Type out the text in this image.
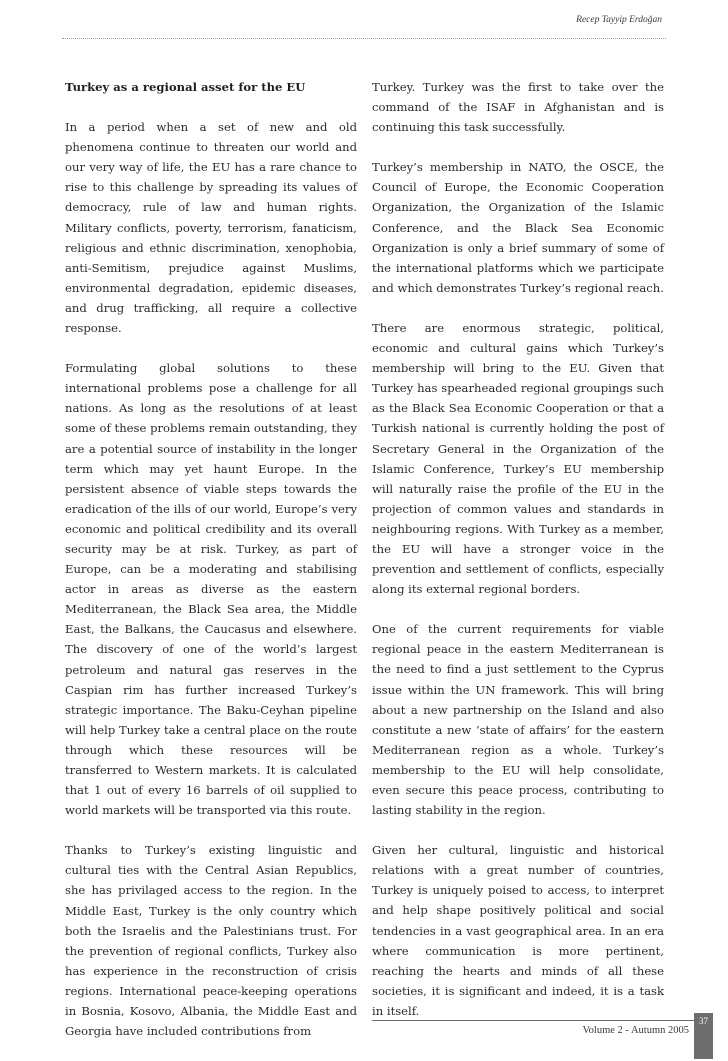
Recep Tayyip Erdoğan
Turkey as a regional asset for the EU

In a period when a set of new and old phenomena continue to threaten our world and our very way of life, the EU has a rare chance to rise to this challenge by spreading its values of democracy, rule of law and human rights. Military conflicts, poverty, terrorism, fanaticism, religious and ethnic discrimination, xenophobia, anti-Semitism, prejudice against Muslims, environmental degradation, epidemic diseases, and drug trafficking, all require a collective response.

Formulating global solutions to these international problems pose a challenge for all nations. As long as the resolutions of at least some of these problems remain outstanding, they are a potential source of instability in the longer term which may yet haunt Europe. In the persistent absence of viable steps towards the eradication of the ills of our world, Europe’s very economic and political credibility and its overall security may be at risk. Turkey, as part of Europe, can be a moderating and stabilising actor in areas as diverse as the eastern Mediterranean, the Black Sea area, the Middle East, the Balkans, the Caucasus and elsewhere. The discovery of one of the world’s largest petroleum and natural gas reserves in the Caspian rim has further increased Turkey’s strategic importance. The Baku-Ceyhan pipeline will help Turkey take a central place on the route through which these resources will be transferred to Western markets. It is calculated that 1 out of every 16 barrels of oil supplied to world markets will be transported via this route.

Thanks to Turkey’s existing linguistic and cultural ties with the Central Asian Republics, she has privilaged access to the region. In the Middle East, Turkey is the only country which both the Israelis and the Palestinians trust. For the prevention of regional conflicts, Turkey also has experience in the reconstruction of crisis regions. International peace-keeping operations in Bosnia, Kosovo, Albania, the Middle East and Georgia have included contributions from

Turkey. Turkey was the first to take over the command of the ISAF in Afghanistan and is continuing this task successfully.

Turkey’s membership in NATO, the OSCE, the Council of Europe, the Economic Cooperation Organization, the Organization of the Islamic Conference, and the Black Sea Economic Organization is only a brief summary of some of the international platforms which we participate and which demonstrates Turkey’s regional reach.

There are enormous strategic, political, economic and cultural gains which Turkey’s membership will bring to the EU. Given that Turkey has spearheaded regional groupings such as the Black Sea Economic Cooperation or that a Turkish national is currently holding the post of Secretary General in the Organization of the Islamic Conference, Turkey’s EU membership will naturally raise the profile of the EU in the projection of common values and standards in neighbouring regions. With Turkey as a member, the EU will have a stronger voice in the prevention and settlement of conflicts, especially along its external regional borders.

One of the current requirements for viable regional peace in the eastern Mediterranean is the need to find a just settlement to the Cyprus issue within the UN framework. This will bring about a new partnership on the Island and also constitute a new ‘state of affairs’ for the eastern Mediterranean region as a whole. Turkey’s membership to the EU will help consolidate, even secure this peace process, contributing to lasting stability in the region.

Given her cultural, linguistic and historical relations with a great number of countries, Turkey is uniquely poised to access, to interpret and help shape positively political and social tendencies in a vast geographical area. In an era where communication is more pertinent, reaching the hearts and minds of all these societies, it is significant and indeed, it is a task in itself.

Volume 2 - Autumn 2005
37
